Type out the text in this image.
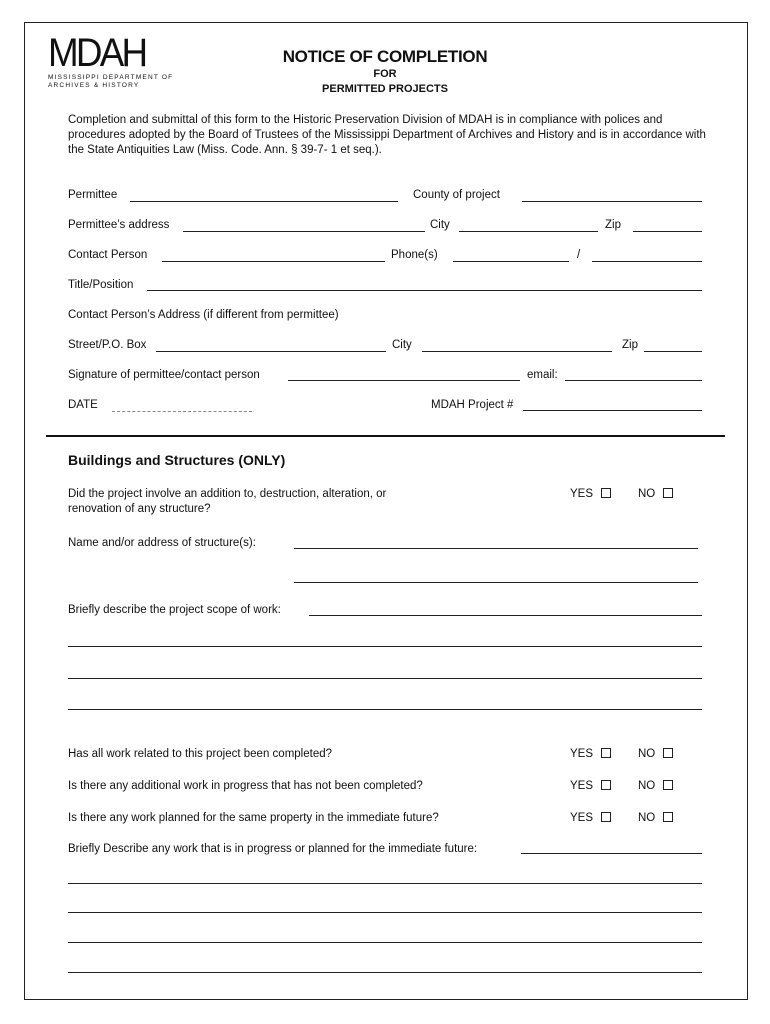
MDAH
MISSISSIPPI DEPARTMENT OF
ARCHIVES & HISTORY
NOTICE OF COMPLETION
FOR
PERMITTED PROJECTS
Completion and submittal of this form to the Historic Preservation Division of MDAH is in compliance with polices and procedures adopted by the Board of Trustees of the Mississippi Department of Archives and History and is in accordance with the State Antiquities Law (Miss. Code. Ann. § 39-7- 1 et seq.).
Permittee	County of project
Permittee’s address	City	Zip
Contact Person	Phone(s)	/
Title/Position
Contact Person’s Address (if different from permittee)
Street/P.O. Box	City	Zip
Signature of permittee/contact person	email:
DATE	MDAH Project #
Buildings and Structures (ONLY)
Did the project involve an addition to, destruction, alteration, or
renovation of any structure?
YES	NO
Name and/or address of structure(s):
Briefly describe the project scope of work:
Has all work related to this project been completed?	YES	NO
Is there any additional work in progress that has not been completed?	YES	NO
Is there any work planned for the same property in the immediate future?	YES	NO
Briefly Describe any work that is in progress or planned for the immediate future:
